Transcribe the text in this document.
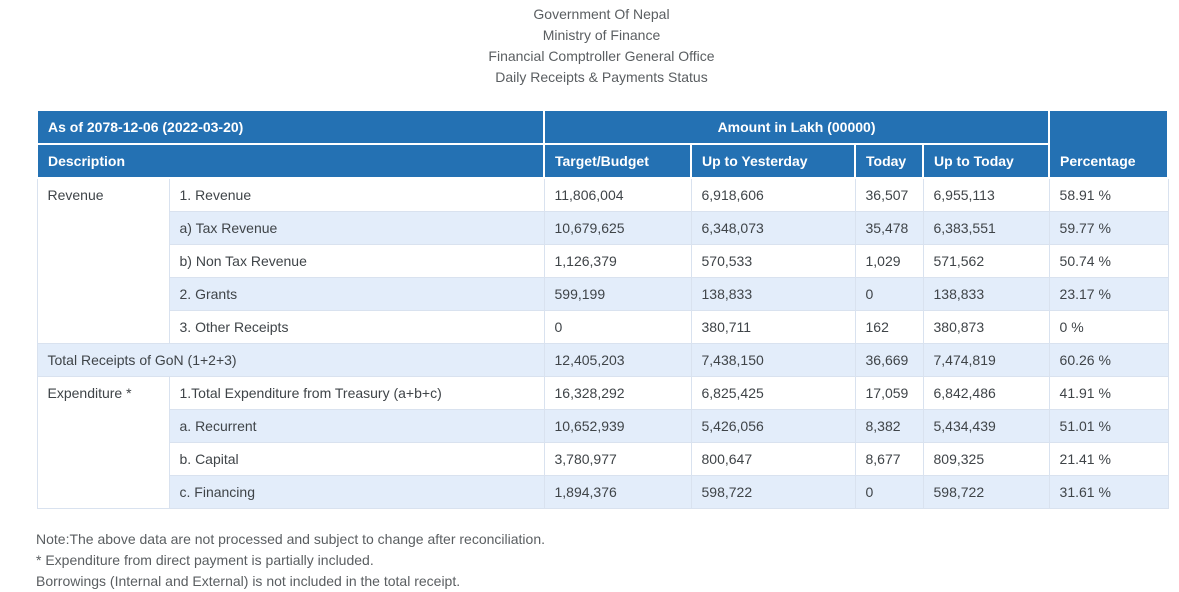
Government Of Nepal
Ministry of Finance
Financial Comptroller General Office
Daily Receipts & Payments Status
As of 2078-12-06 (2022-03-20)		Amount in Lakh (00000)				Percentage
Description		Target/Budget	Up to Yesterday	Today	Up to Today	
Revenue	1. Revenue	11,806,004	6,918,606	36,507	6,955,113	58.91 %
	a) Tax Revenue	10,679,625	6,348,073	35,478	6,383,551	59.77 %
	b) Non Tax Revenue	1,126,379	570,533	1,029	571,562	50.74 %
	2. Grants	599,199	138,833	0	138,833	23.17 %
	3. Other Receipts	0	380,711	162	380,873	0 %
Total Receipts of GoN (1+2+3)		12,405,203	7,438,150	36,669	7,474,819	60.26 %
Expenditure *	1.Total Expenditure from Treasury (a+b+c)	16,328,292	6,825,425	17,059	6,842,486	41.91 %
	a. Recurrent	10,652,939	5,426,056	8,382	5,434,439	51.01 %
	b. Capital	3,780,977	800,647	8,677	809,325	21.41 %
	c. Financing	1,894,376	598,722	0	598,722	31.61 %
Note:The above data are not processed and subject to change after reconciliation.
* Expenditure from direct payment is partially included.
Borrowings (Internal and External) is not included in the total receipt.
